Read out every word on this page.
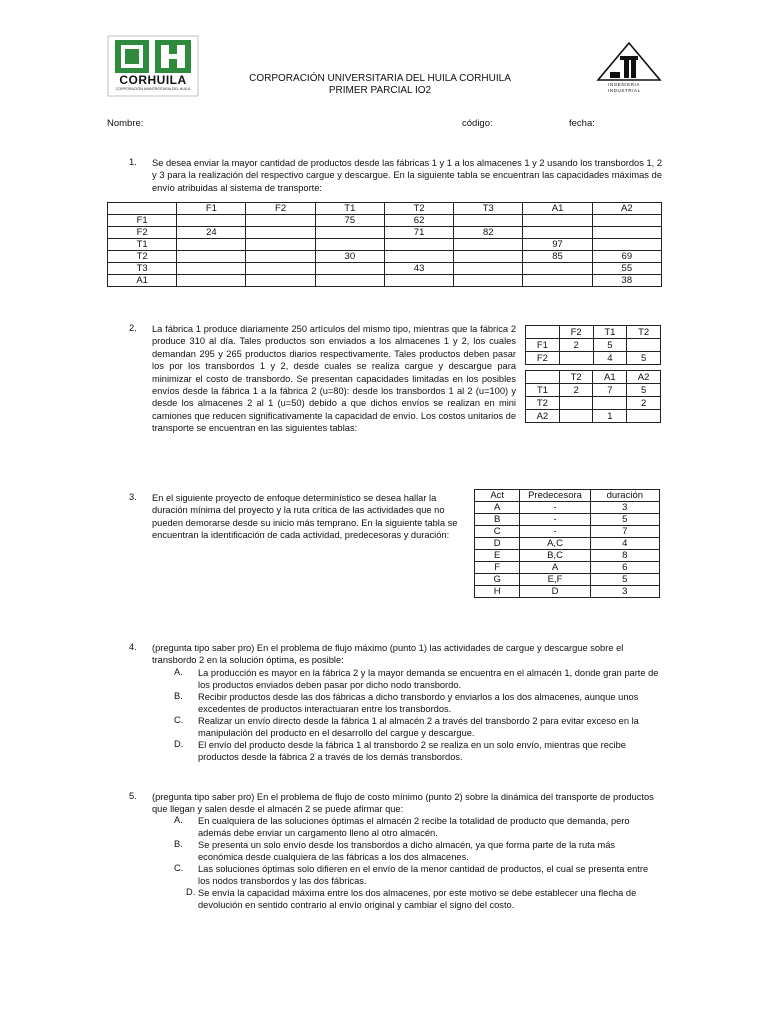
CORHUILA
CORPORACIÓN UNIVERSITARIA DEL HUILA
CORPORACIÓN UNIVERSITARIA DEL HUILA CORHUILA
PRIMER PARCIAL IO2
INGENIERIA
INDUSTRIAL
Nombre:	código:	fecha:
1. Se desea enviar la mayor cantidad de productos desde las fábricas 1 y 1 a los almacenes 1 y 2 usando los transbordos 1, 2 y 3 para la realización del respectivo cargue y descargue. En la siguiente tabla se encuentran las capacidades máximas de envío atribuidas al sistema de transporte:
	F1	F2	T1	T2	T3	A1	A2
F1			75	62			
F2	24			71	82		
T1						97	
T2			30			85	69
T3				43			55
A1							38
2. La fábrica 1 produce diariamente 250 artículos del mismo tipo, mientras que la fábrica 2 produce 310 al día. Tales productos son enviados a los almacenes 1 y 2, los cuales demandan 295 y 265 productos diarios respectivamente. Tales productos deben pasar los por los transbordos 1 y 2, desde cuales se realiza cargue y descargue para minimizar el costo de transbordo. Se presentan capacidades limitadas en los posibles envíos desde la fábrica 1 a la fábrica 2 (u=80): desde los transbordos 1 al 2 (u=100) y desde los almacenes 2 al 1 (u=50) debido a que dichos envíos se realizan en mini camiones que reducen significativamente la capacidad de envío. Los costos unitarios de transporte se encuentran en las siguientes tablas:
	F2	T1	T2
F1	2	5	
F2		4	5
	T2	A1	A2
T1	2	7	5
T2			2
A2		1	
3. En el siguiente proyecto de enfoque determinístico se desea hallar la duración mínima del proyecto y la ruta crítica de las actividades que no pueden demorarse desde su inicio más temprano. En la siguiente tabla se encuentran la identificación de cada actividad, predecesoras y duración:
Act	Predecesora	duración
A	-	3
B	-	5
C	-	7
D	A,C	4
E	B,C	8
F	A	6
G	E,F	5
H	D	3
4. (pregunta tipo saber pro) En el problema de flujo máximo (punto 1) las actividades de cargue y descargue sobre el transbordo 2 en la solución óptima, es posible:
A. La producción es mayor en la fábrica 2 y la mayor demanda se encuentra en el almacén 1, donde gran parte de los productos enviados deben pasar por dicho nodo transbordo.
B. Recibir productos desde las dos fábricas a dicho transbordo y enviarlos a los dos almacenes, aunque unos excedentes de productos interactuaran entre los transbordos.
C. Realizar un envío directo desde la fábrica 1 al almacén 2 a través del transbordo 2 para evitar exceso en la manipulación del producto en el desarrollo del cargue y descargue.
D. El envío del producto desde la fábrica 1 al transbordo 2 se realiza en un solo envío, mientras que recibe productos desde la fábrica 2 a través de los demás transbordos.
5. (pregunta tipo saber pro) En el problema de flujo de costo mínimo (punto 2) sobre la dinámica del transporte de productos que llegan y salen desde el almacén 2 se puede afirmar que:
A. En cualquiera de las soluciones óptimas el almacén 2 recibe la totalidad de producto que demanda, pero además debe enviar un cargamento lleno al otro almacén.
B. Se presenta un solo envío desde los transbordos a dicho almacén, ya que forma parte de la ruta más económica desde cualquiera de las fábricas a los dos almacenes.
C. Las soluciones óptimas solo difieren en el envío de la menor cantidad de productos, el cual se presenta entre los nodos transbordos y las dos fábricas.
D. Se envía la capacidad máxima entre los dos almacenes, por este motivo se debe establecer una flecha de devolución en sentido contrario al envío original y cambiar el signo del costo.
